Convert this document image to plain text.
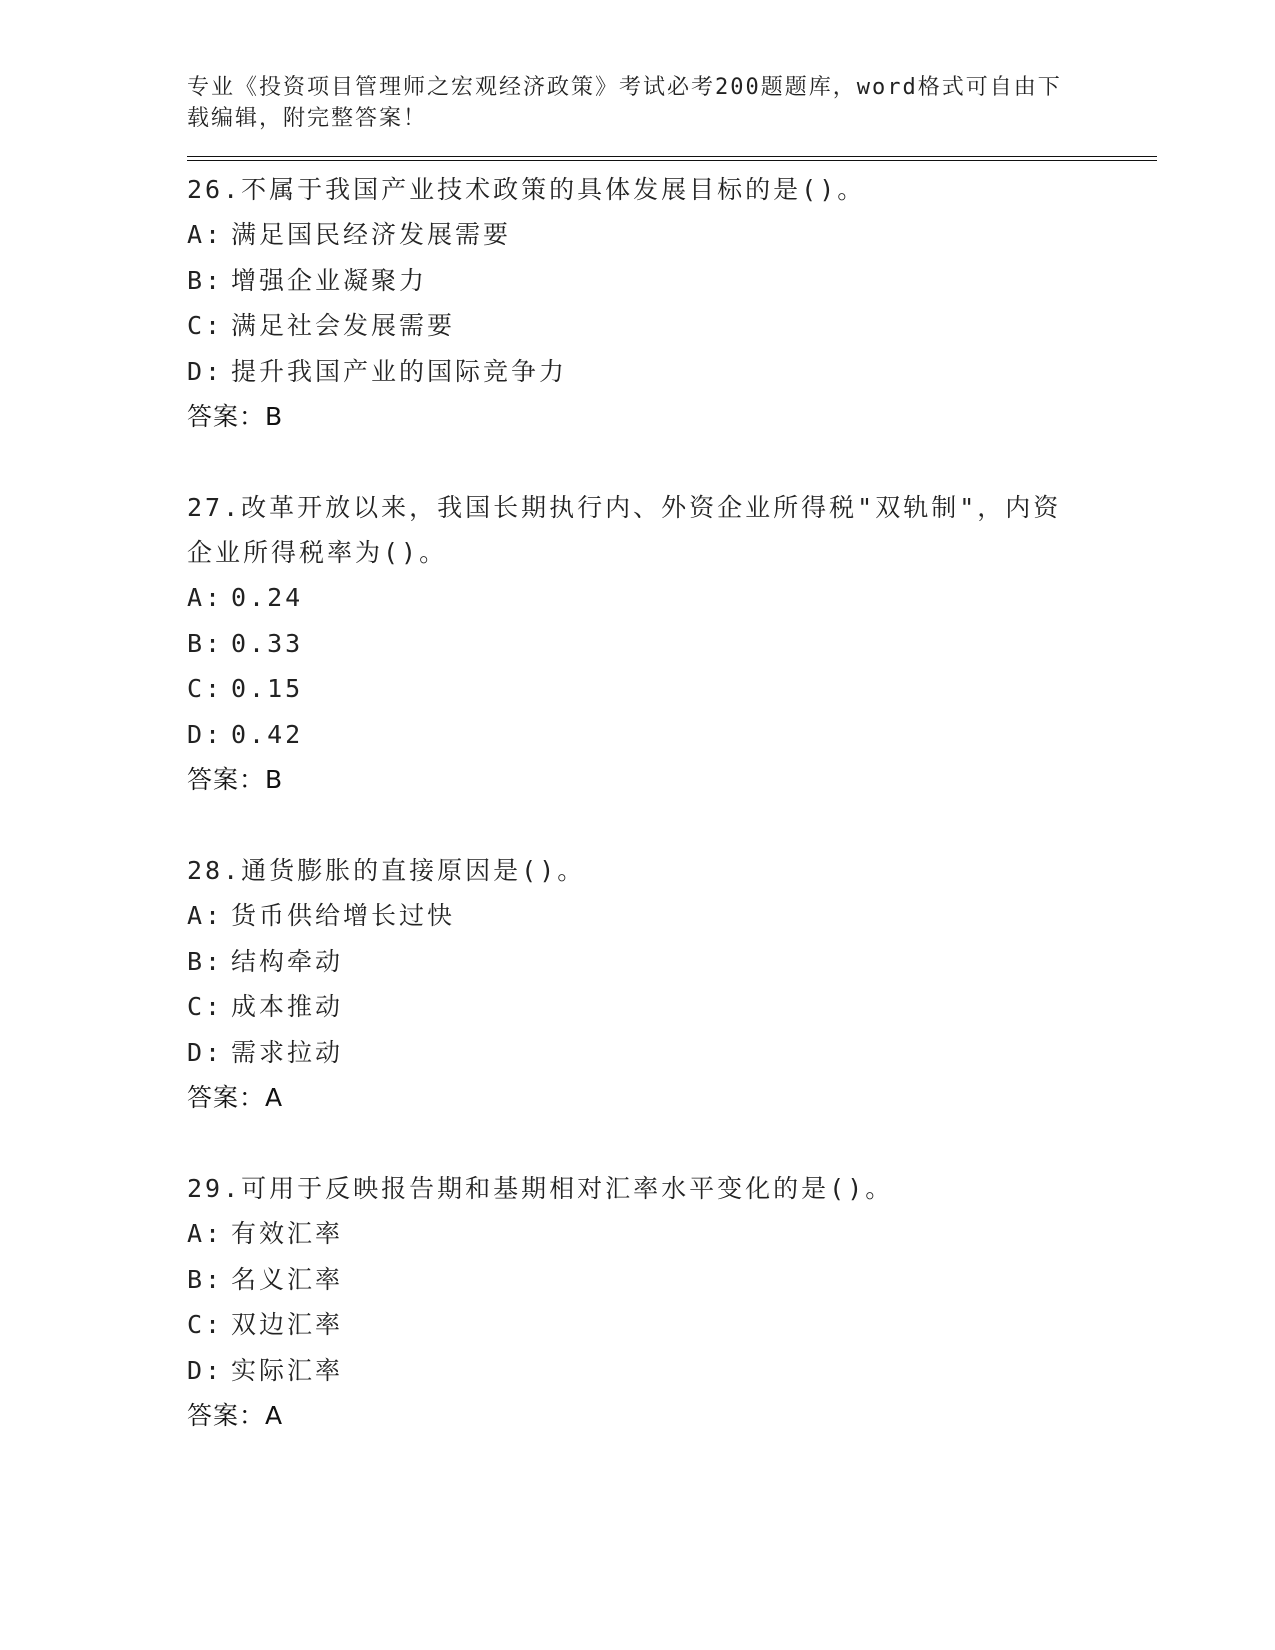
专业《投资项目管理师之宏观经济政策》考试必考200题题库，word格式可自由下载编辑，附完整答案！
26.不属于我国产业技术政策的具体发展目标的是()。
A: 满足国民经济发展需要
B: 增强企业凝聚力
C: 满足社会发展需要
D: 提升我国产业的国际竞争力
答案：B
27.改革开放以来，我国长期执行内、外资企业所得税"双轨制"，内资企业所得税率为()。
A: 0.24
B: 0.33
C: 0.15
D: 0.42
答案：B
28.通货膨胀的直接原因是()。
A: 货币供给增长过快
B: 结构牵动
C: 成本推动
D: 需求拉动
答案：A
29.可用于反映报告期和基期相对汇率水平变化的是()。
A: 有效汇率
B: 名义汇率
C: 双边汇率
D: 实际汇率
答案：A
